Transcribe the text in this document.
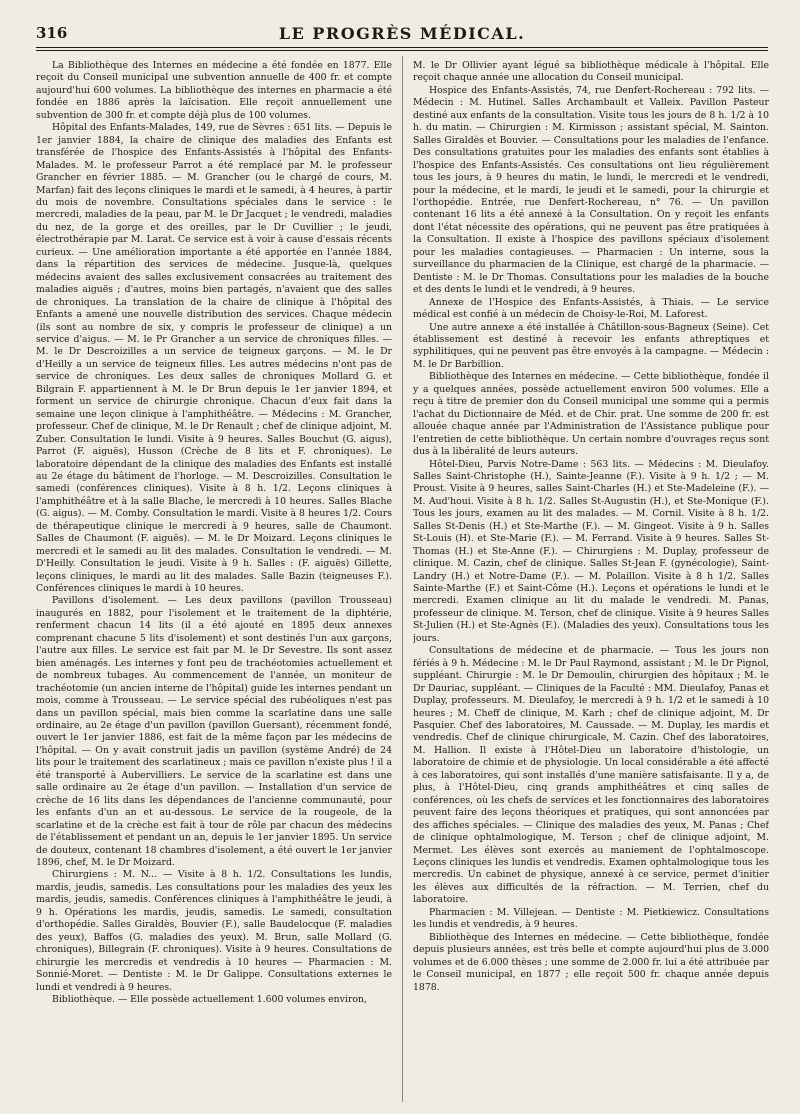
316	LE PROGRÈS MÉDICAL.

La Bibliothèque des Internes en médecine a été fondée en 1877. Elle reçoit du Conseil municipal une subvention annuelle de 400 fr. et compte aujourd'hui 600 volumes. La bibliothèque des internes en pharmacie a été fondée en 1886 après la laïcisation. Elle reçoit annuellement une subvention de 300 fr. et compte déjà plus de 100 volumes.

Hôpital des Enfants-Malades, 149, rue de Sèvres : 651 lits. — Depuis le 1er janvier 1884, la chaire de clinique des maladies des Enfants est transférée de l'hospice des Enfants-Assistés à l'hôpital des Enfants-Malades. M. le professeur Parrot a été remplacé par M. le professeur Grancher en février 1885. — M. Grancher (ou le chargé de cours, M. Marfan) fait des leçons cliniques le mardi et le samedi, à 4 heures, à partir du mois de novembre. Consultations spéciales dans le service : le mercredi, maladies de la peau, par M. le Dr Jacquet ; le vendredi, maladies du nez, de la gorge et des oreilles, par le Dr Cuvillier ; le jeudi, électrothérapie par M. Larat. Ce service est à voir à cause d'essais récents curieux. — Une amélioration importante a été apportée en l'année 1884, dans la répartition des services de médecine. Jusque-là, quelques médecins avaient des salles exclusivement consacrées au traitement des maladies aiguës ; d'autres, moins bien partagés, n'avaient que des salles de chroniques. La translation de la chaire de clinique à l'hôpital des Enfants a amené une nouvelle distribution des services. Chaque médecin (ils sont au nombre de six, y compris le professeur de clinique) a un service d'aigus. — M. le Pr Grancher a un service de chroniques filles. — M. le Dr Descroizilles a un service de teigneux garçons. — M. le Dr d'Heilly a un service de teigneux filles. Les autres médecins n'ont pas de service de chroniques. Les deux salles de chroniques Mollard G. et Bilgrain F. appartiennent à M. le Dr Brun depuis le 1er janvier 1894, et forment un service de chirurgie chronique. Chacun d'eux fait dans la semaine une leçon clinique à l'amphithéâtre. — Médecins : M. Grancher, professeur. Chef de clinique, M. le Dr Renault ; chef de clinique adjoint, M. Zuber. Consultation le lundi. Visite à 9 heures. Salles Bouchut (G. aigus), Parrot (F. aiguës), Husson (Crèche de 8 lits et F. chroniques). Le laboratoire dépendant de la clinique des maladies des Enfants est installé au 2e étage du bâtiment de l'horloge. — M. Descroizilles. Consultation le samedi (conférences cliniques). Visite à 8 h. 1/2. Leçons cliniques à l'amphithéâtre et à la salle Blache, le mercredi à 10 heures. Salles Blache (G. aigus). — M. Comby. Consultation le mardi. Visite à 8 heures 1/2. Cours de thérapeutique clinique le mercredi à 9 heures, salle de Chaumont. Salles de Chaumont (F. aiguës). — M. le Dr Moizard. Leçons cliniques le mercredi et le samedi au lit des malades. Consultation le vendredi. — M. D'Heilly. Consultation le jeudi. Visite à 9 h. Salles : (F. aiguës) Gillette, leçons cliniques, le mardi au lit des malades. Salle Bazin (teigneuses F.). Conférences cliniques le mardi à 10 heures.

Pavillons d'isolement. — Les deux pavillons (pavillon Trousseau) inaugurés en 1882, pour l'isolement et le traitement de la diphtérie, renferment chacun 14 lits (il a été ajouté en 1895 deux annexes comprenant chacune 5 lits d'isolement) et sont destinés l'un aux garçons, l'autre aux filles. Le service est fait par M. le Dr Sevestre. Ils sont assez bien aménagés. Les internes y font peu de trachéotomies actuellement et de nombreux tubages. Au commencement de l'année, un moniteur de trachéotomie (un ancien interne de l'hôpital) guide les internes pendant un mois, comme à Trousseau. — Le service spécial des rubéoliques n'est pas dans un pavillon spécial, mais bien comme la scarlatine dans une salle ordinaire, au 2e étage d'un pavillon (pavillon Guersant), récemment fondé, ouvert le 1er janvier 1886, est fait de la même façon par les médecins de l'hôpital. — On y avait construit jadis un pavillon (système André) de 24 lits pour le traitement des scarlatineux ; mais ce pavillon n'existe plus ! il a été transporté à Aubervilliers. Le service de la scarlatine est dans une salle ordinaire au 2e étage d'un pavillon. — Installation d'un service de crèche de 16 lits dans les dépendances de l'ancienne communauté, pour les enfants d'un an et au-dessous. Le service de la rougeole, de la scarlatine et de la crèche est fait à tour de rôle par chacun des médecins de l'établissement et pendant un an, depuis le 1er janvier 1895. Un service de douteux, contenant 18 chambres d'isolement, a été ouvert le 1er janvier 1896, chef, M. le Dr Moizard.

Chirurgiens : M. N... — Visite à 8 h. 1/2. Consultations les lundis, mardis, jeudis, samedis. Les consultations pour les maladies des yeux les mardis, jeudis, samedis. Conférences cliniques à l'amphithéâtre le jeudi, à 9 h. Opérations les mardis, jeudis, samedis. Le samedi, consultation d'orthopédie. Salles Giraldès, Bouvier (F.), salle Baudelocque (F. maladies des yeux), Baffos (G. maladies des yeux). M. Brun, salle Mollard (G. chroniques), Billegrain (F. chroniques). Visite à 9 heures. Consultations de chirurgie les mercredis et vendredis à 10 heures — Pharmacien : M. Sonnié-Moret. — Dentiste : M. le Dr Galippe. Consultations externes le lundi et vendredi à 9 heures.

Bibliothèque. — Elle possède actuellement 1.600 volumes environ,

M. le Dr Ollivier ayant légué sa bibliothèque médicale à l'hôpital. Elle reçoit chaque année une allocation du Conseil municipal.

Hospice des Enfants-Assistés, 74, rue Denfert-Rochereau : 792 lits. — Médecin : M. Hutinel. Salles Archambault et Valleix. Pavillon Pasteur destiné aux enfants de la consultation. Visite tous les jours de 8 h. 1/2 à 10 h. du matin. — Chirurgien : M. Kirmisson ; assistant spécial, M. Sainton. Salles Giraldès et Bouvier. — Consultations pour les maladies de l'enfance. Des consultations gratuites pour les maladies des enfants sont établies à l'hospice des Enfants-Assistés. Ces consultations ont lieu régulièrement tous les jours, à 9 heures du matin, le lundi, le mercredi et le vendredi, pour la médecine, et le mardi, le jeudi et le samedi, pour la chirurgie et l'orthopédie. Entrée, rue Denfert-Rochereau, n° 76. — Un pavillon contenant 16 lits a été annexé à la Consultation. On y reçoit les enfants dont l'état nécessite des opérations, qui ne peuvent pas être pratiquées à la Consultation. Il existe à l'hospice des pavillons spéciaux d'isolement pour les maladies contagieuses. — Pharmacien : Un interne, sous la surveillance du pharmacien de la Clinique, est chargé de la pharmacie. — Dentiste : M. le Dr Thomas. Consultations pour les maladies de la bouche et des dents le lundi et le vendredi, à 9 heures.

Annexe de l'Hospice des Enfants-Assistés, à Thiais. — Le service médical est confié à un médecin de Choisy-le-Roi, M. Laforest.

Une autre annexe a été installée à Châtillon-sous-Bagneux (Seine). Cet établissement est destiné à recevoir les enfants athreptiques et syphilitiques, qui ne peuvent pas être envoyés à la campagne. — Médecin : M. le Dr Barbillion.

Bibliothèque des Internes en médecine. — Cette bibliothèque, fondée il y a quelques années, possède actuellement environ 500 volumes. Elle a reçu à titre de premier don du Conseil municipal une somme qui a permis l'achat du Dictionnaire de Méd. et de Chir. prat. Une somme de 200 fr. est allouée chaque année par l'Administration de l'Assistance publique pour l'entretien de cette bibliothèque. Un certain nombre d'ouvrages reçus sont dus à la libéralité de leurs auteurs.

Hôtel-Dieu, Parvis Notre-Dame : 563 lits. — Médecins : M. Dieulafoy. Salles Saint-Christophe (H.), Sainte-Jeanne (F.). Visite à 9 h. 1/2 ; — M. Proust. Visite à 9 heures, salles Saint-Charles (H.) et Ste-Madeleine (F.). — M. Aud'houi. Visite à 8 h. 1/2. Salles St-Augustin (H.), et Ste-Monique (F.). Tous les jours, examen au lit des malades. — M. Cornil. Visite à 8 h. 1/2. Salles St-Denis (H.) et Ste-Marthe (F.). — M. Gingeot. Visite à 9 h. Salles St-Louis (H). et Ste-Marie (F.). — M. Ferrand. Visite à 9 heures. Salles St-Thomas (H.) et Ste-Anne (F.). — Chirurgiens : M. Duplay, professeur de clinique. M. Cazin, chef de clinique. Salles St-Jean F. (gynécologie), Saint-Landry (H.) et Notre-Dame (F.). — M. Polaillon. Visite à 8 h 1/2. Salles Sainte-Marthe (F.) et Saint-Côme (H.). Leçons et opérations le lundi et le mercredi. Examen clinique au lit du malade le vendredi. M. Panas, professeur de clinique. M. Terson, chef de clinique. Visite à 9 heures Salles St-Julien (H.) et Ste-Agnès (F.). (Maladies des yeux). Consultations tous les jours.

Consultations de médecine et de pharmacie. — Tous les jours non fériés à 9 h. Médecine : M. le Dr Paul Raymond, assistant ; M. le Dr Pignol, suppléant. Chirurgie : M. le Dr Demoulin, chirurgien des hôpitaux ; M. le Dr Dauriac, suppléant. — Cliniques de la Faculté : MM. Dieulafoy, Panas et Duplay, professeurs. M. Dieulafoy, le mercredi à 9 h. 1/2 et le samedi à 10 heures ; M. Cheff de clinique, M. Karh ; chef de clinique adjoint, M. Dr Pasquier. Chef des laboratoires, M. Caussade. — M. Duplay, les mardis et vendredis. Chef de clinique chirurgicale, M. Cazin. Chef des laboratoires, M. Hallion. Il existe à l'Hôtel-Dieu un laboratoire d'histologie, un laboratoire de chimie et de physiologie. Un local considérable a été affecté à ces laboratoires, qui sont installés d'une manière satisfaisante. Il y a, de plus, à l'Hôtel-Dieu, cinq grands amphithéâtres et cinq salles de conférences, où les chefs de services et les fonctionnaires des laboratoires peuvent faire des leçons théoriques et pratiques, qui sont annoncées par des affiches spéciales. — Clinique des maladies des yeux, M. Panas ; Chef de clinique ophtalmologique, M. Terson ; chef de clinique adjoint, M. Mermet. Les élèves sont exercés au maniement de l'ophtalmoscope. Leçons cliniques les lundis et vendredis. Examen ophtalmologique tous les mercredis. Un cabinet de physique, annexé à ce service, permet d'initier les élèves aux difficultés de la réfraction. — M. Terrien, chef du laboratoire.

Pharmacien : M. Villejean. — Dentiste : M. Pietkiewicz. Consultations les lundis et vendredis, à 9 heures.

Bibliothèque des Internes en médecine. — Cette bibliothèque, fondée depuis plusieurs années, est très belle et compte aujourd'hui plus de 3.000 volumes et de 6.000 thèses ; une somme de 2.000 fr. lui a été attribuée par le Conseil municipal, en 1877 ; elle reçoit 500 fr. chaque année depuis 1878.
